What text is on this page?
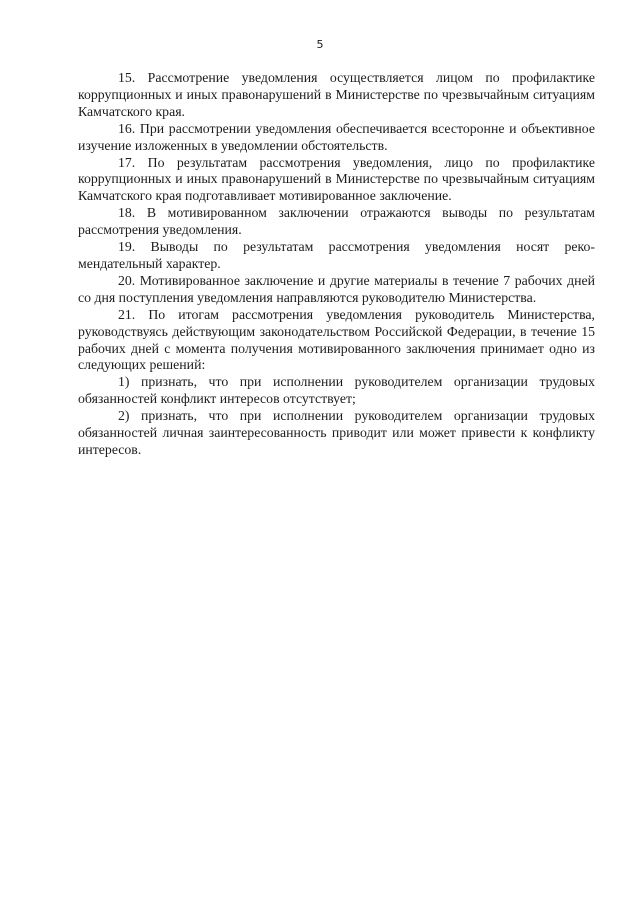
5

15. Рассмотрение уведомления осуществляется лицом по профилактике коррупционных и иных правонарушений в Министерстве по чрезвычайным ситуациям Камчатского края.

16. При рассмотрении уведомления обеспечивается всесторонне и объективное изучение изложенных в уведомлении обстоятельств.

17. По результатам рассмотрения уведомления, лицо по профилактике коррупционных и иных правонарушений в Министерстве по чрезвычайным ситуациям Камчатского края подготавливает мотивированное заключение.

18. В мотивированном заключении отражаются выводы по результатам рассмотрения уведомления.

19. Выводы по результатам рассмотрения уведомления носят реко-мендательный характер.

20. Мотивированное заключение и другие материалы в течение 7 рабочих дней со дня поступления уведомления направляются руководителю Министерства.

21. По итогам рассмотрения уведомления руководитель Министерства, руководствуясь действующим законодательством Российской Федерации, в течение 15 рабочих дней с момента получения мотивированного заключения принимает одно из следующих решений:

1) признать, что при исполнении руководителем организации трудовых обязанностей конфликт интересов отсутствует;

2) признать, что при исполнении руководителем организации трудовых обязанностей личная заинтересованность приводит или может привести к конфликту интересов.
